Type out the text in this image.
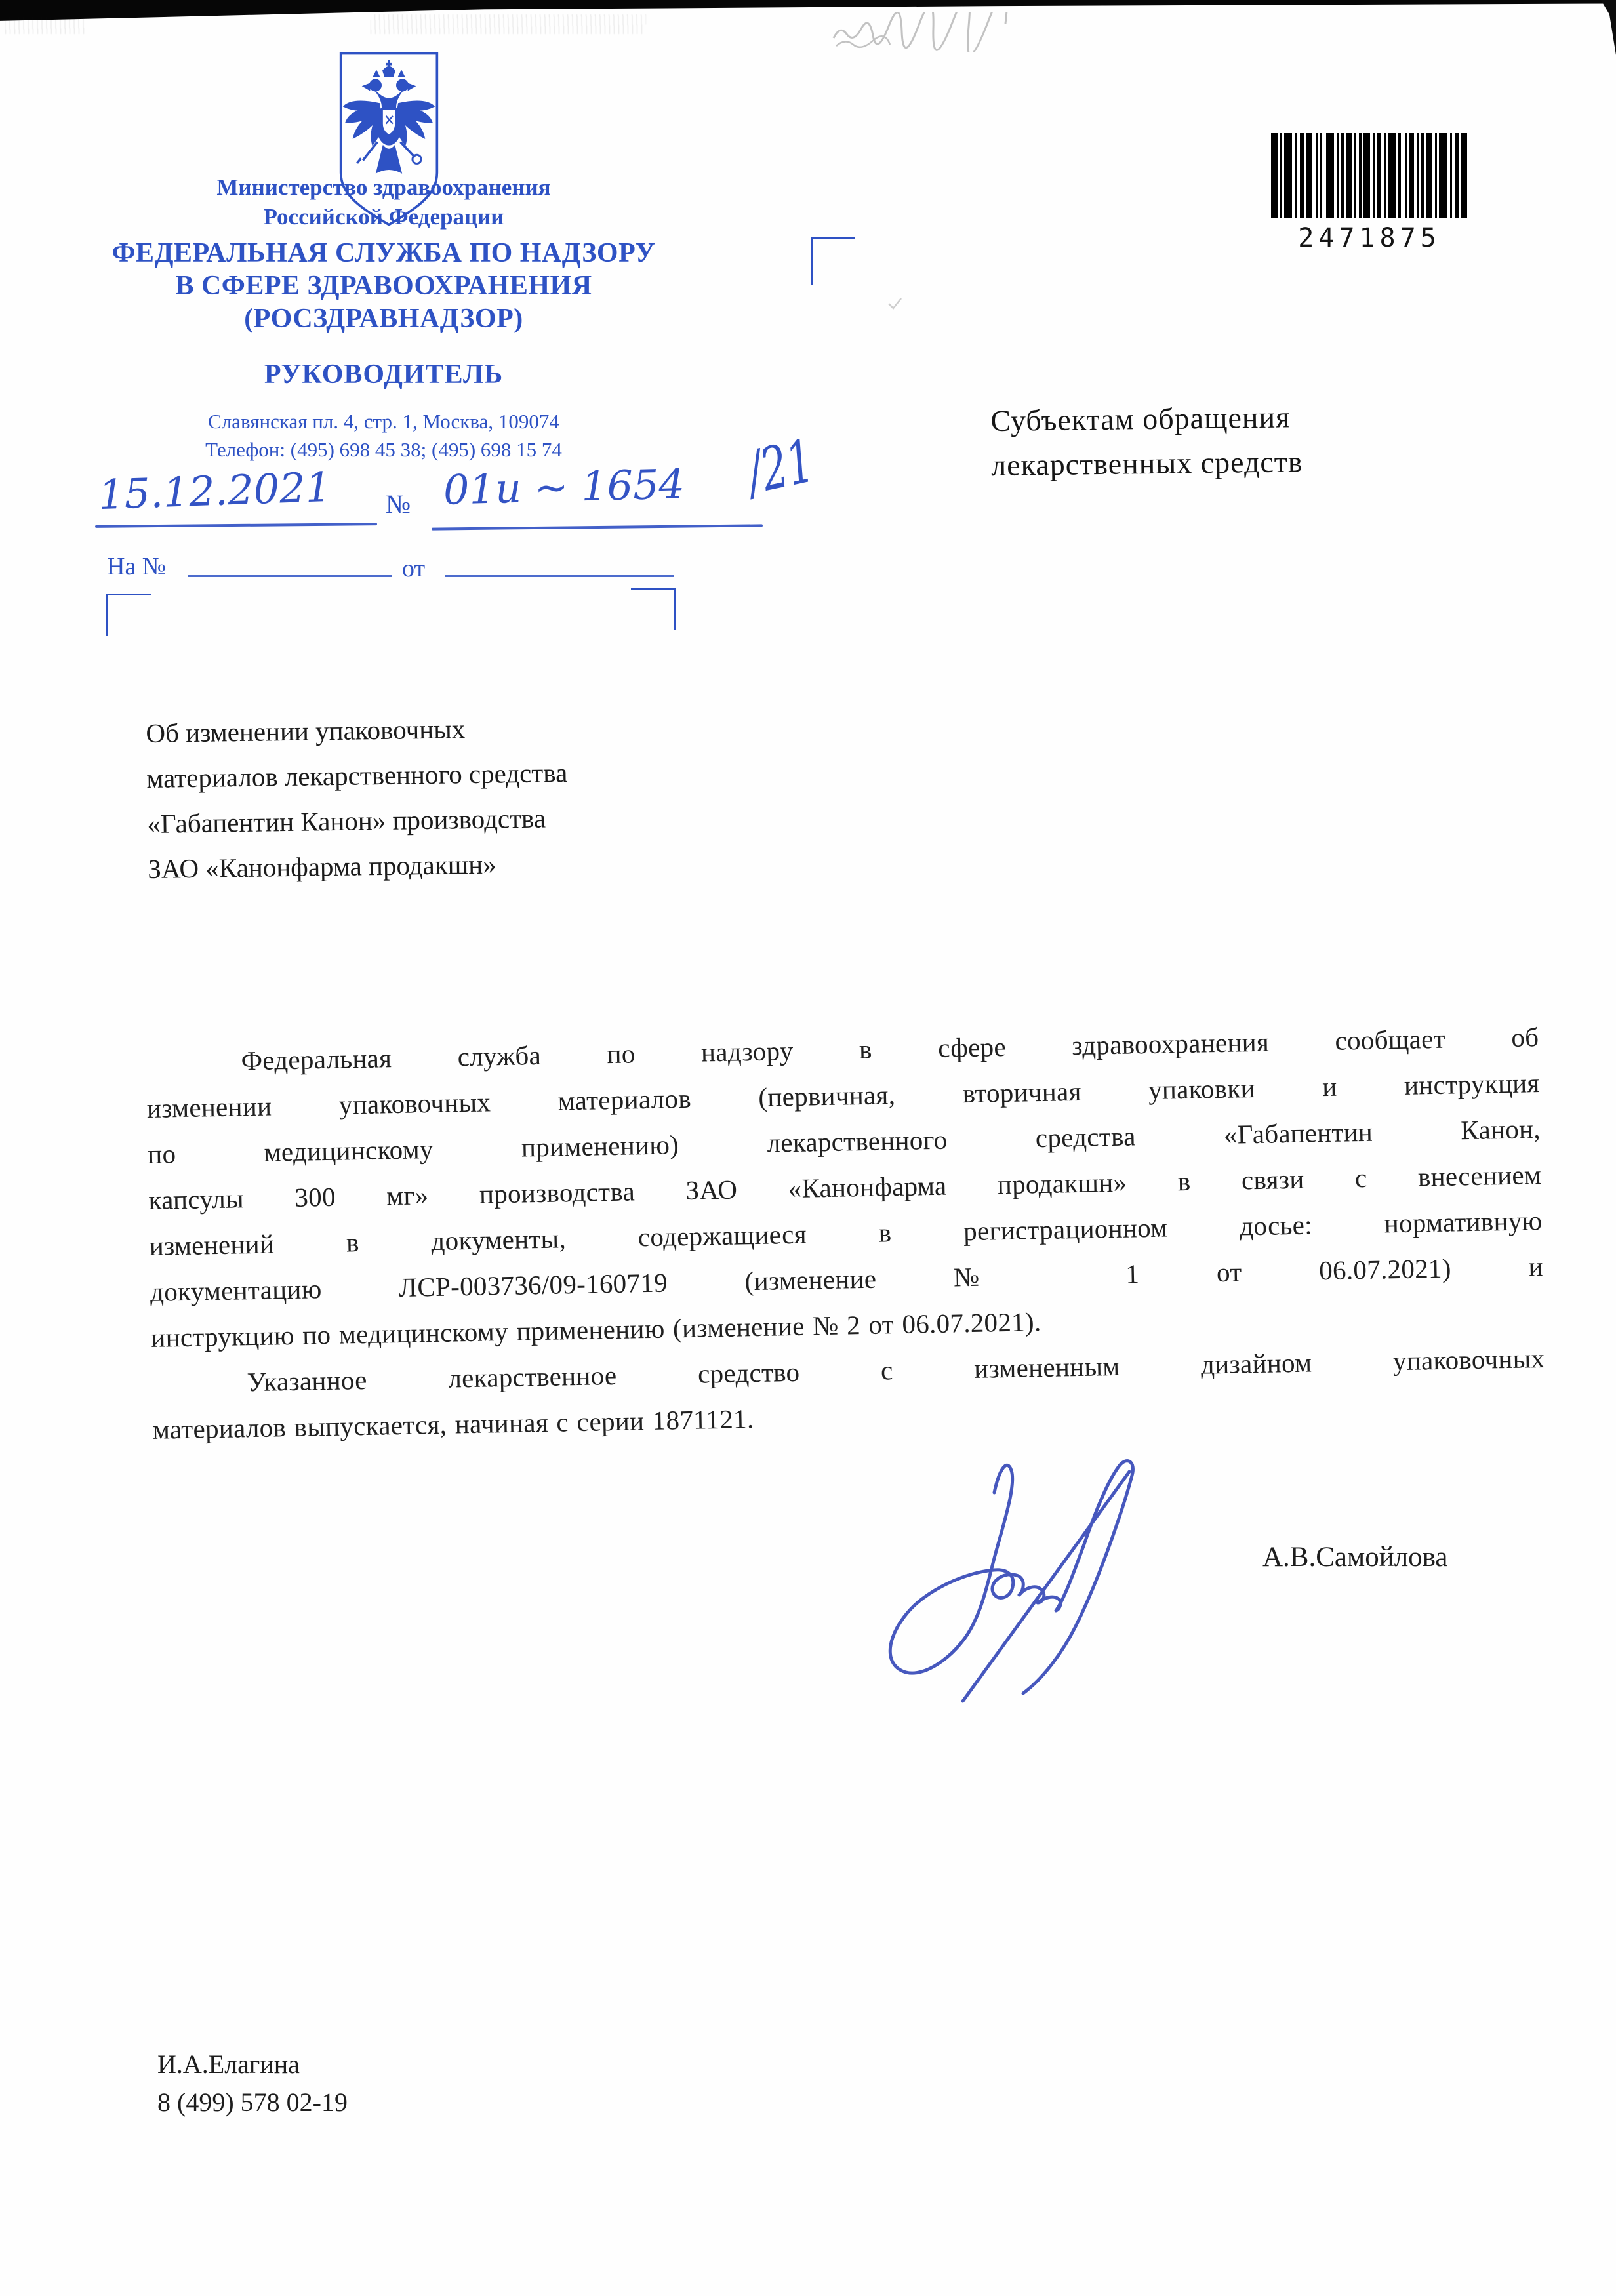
Министерство здравоохранения
Российской Федерации
ФЕДЕРАЛЬНАЯ СЛУЖБА ПО НАДЗОРУ
В СФЕРЕ ЗДРАВООХРАНЕНИЯ
(РОСЗДРАВНАДЗОР)
РУКОВОДИТЕЛЬ
Славянская пл. 4, стр. 1, Москва, 109074
Телефон: (495) 698 45 38; (495) 698 15 74
15.12.2021 № 01и ~ 1654 /21
На №	от
2471875
Субъектам обращения
лекарственных средств
Об изменении упаковочных
материалов лекарственного средства
«Габапентин Канон» производства
ЗАО «Канонфарма продакшн»
Федеральная служба по надзору в сфере здравоохранения сообщает об
изменении упаковочных материалов (первичная, вторичная упаковки и инструкция
по медицинскому применению) лекарственного средства «Габапентин Канон,
капсулы 300 мг» производства ЗАО «Канонфарма продакшн» в связи с внесением
изменений в документы, содержащиеся в регистрационном досье: нормативную
документацию ЛСР-003736/09-160719 (изменение № 1 от 06.07.2021) и
инструкцию по медицинскому применению (изменение № 2 от 06.07.2021).
Указанное лекарственное средство с измененным дизайном упаковочных
материалов выпускается, начиная с серии 1871121.
А.В.Самойлова
И.А.Елагина
8 (499) 578 02-19
